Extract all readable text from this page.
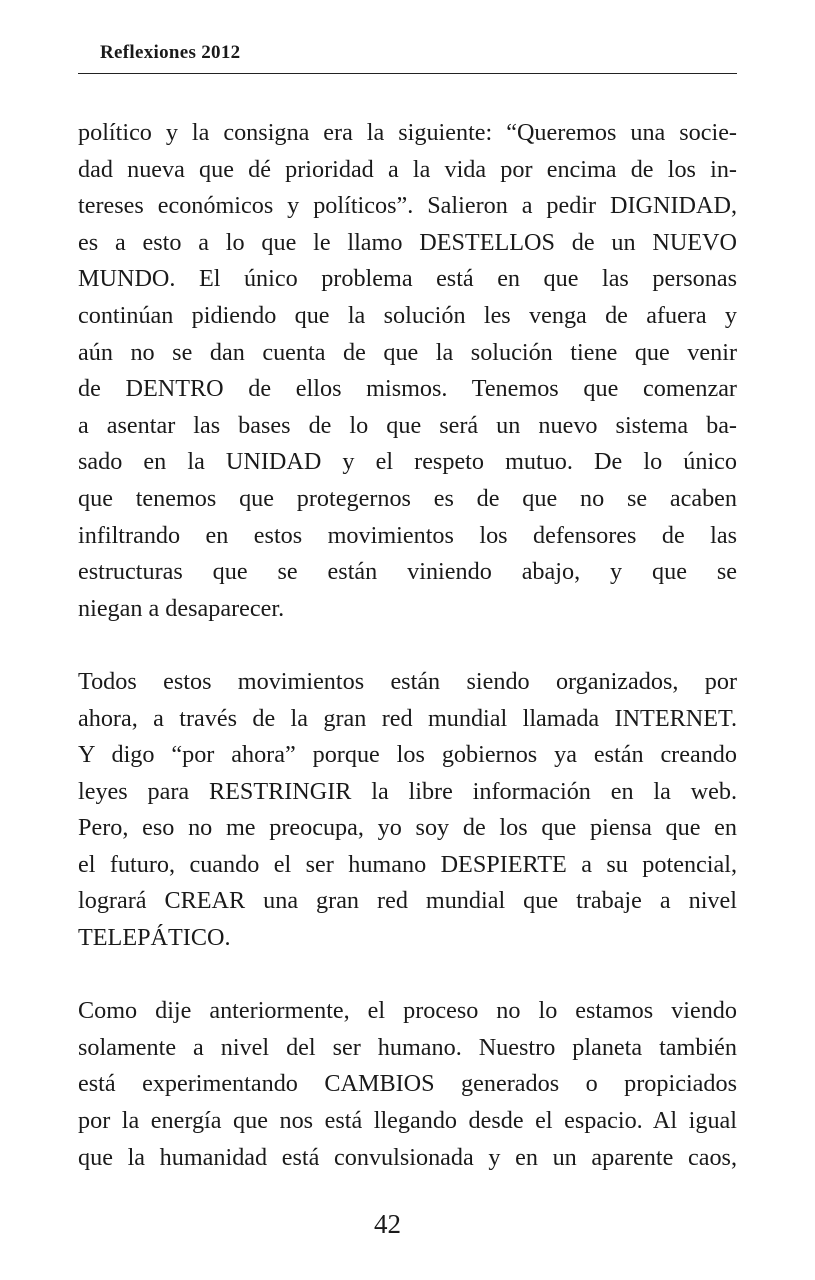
Reflexiones 2012
político y la consigna era la siguiente: “Queremos una socie-
dad nueva que dé prioridad a la vida por encima de los in-
tereses económicos y políticos”. Salieron a pedir DIGNIDAD,
es a esto a lo que le llamo DESTELLOS de un NUEVO
MUNDO. El único problema está en que las personas
continúan pidiendo que la solución les venga de afuera y
aún no se dan cuenta de que la solución tiene que venir
de DENTRO de ellos mismos. Tenemos que comenzar
a asentar las bases de lo que será un nuevo sistema ba-
sado en la UNIDAD y el respeto mutuo. De lo único
que tenemos que protegernos es de que no se acaben
infiltrando en estos movimientos los defensores de las
estructuras que se están viniendo abajo, y que se
niegan a desaparecer.
Todos estos movimientos están siendo organizados, por
ahora, a través de la gran red mundial llamada INTERNET.
Y digo “por ahora” porque los gobiernos ya están creando
leyes para RESTRINGIR la libre información en la web.
Pero, eso no me preocupa, yo soy de los que piensa que en
el futuro, cuando el ser humano DESPIERTE a su potencial,
logrará CREAR una gran red mundial que trabaje a nivel
TELEPÁTICO.
Como dije anteriormente, el proceso no lo estamos viendo
solamente a nivel del ser humano. Nuestro planeta también
está experimentando CAMBIOS generados o propiciados
por la energía que nos está llegando desde el espacio. Al igual
que la humanidad está convulsionada y en un aparente caos,
42
